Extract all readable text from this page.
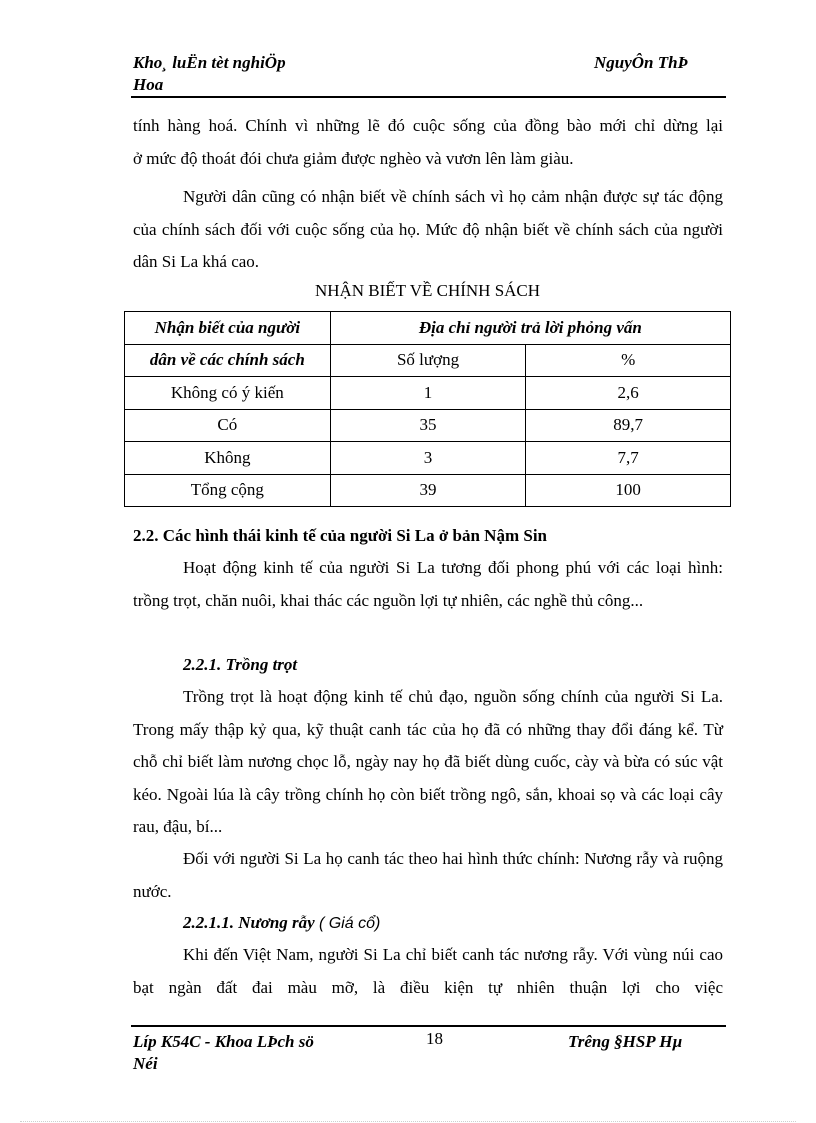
Kho¸ luËn tèt nghiÖp
Hoa
NguyÔn ThÞ
tính hàng hoá. Chính vì những lẽ đó cuộc sống của đồng bào mới chỉ dừng lại
ở mức độ thoát đói chưa giảm được nghèo và vươn lên làm giàu.
Người dân cũng có nhận biết về chính sách vì họ cảm nhận được sự tác động của chính sách đối với cuộc sống của họ. Mức độ nhận biết về chính sách của người dân Si La khá cao.
NHẬN BIẾT VỀ CHÍNH SÁCH
Nhận biết của người	Địa chỉ người trả lời phỏng vấn	
dân về các chính sách	Số lượng	%
Không có ý kiến	1	2,6
Có	35	89,7
Không	3	7,7
Tổng cộng	39	100
2.2. Các hình thái kinh tế của người Si La ở bản Nậm Sin
Hoạt động kinh tế của người Si La tương đối phong phú với các loại hình: trồng trọt, chăn nuôi, khai thác các nguồn lợi tự nhiên, các nghề thủ công...
2.2.1. Trồng trọt
Trồng trọt là hoạt động kinh tế chủ đạo, nguồn sống chính của người Si La. Trong mấy thập kỷ qua, kỹ thuật canh tác của họ đã có những thay đổi đáng kể. Từ chỗ chỉ biết làm nương chọc lỗ, ngày nay họ đã biết dùng cuốc, cày và bừa có súc vật kéo. Ngoài lúa là cây trồng chính họ còn biết trồng ngô, sắn, khoai sọ và các loại cây rau, đậu, bí...
Đối với người Si La họ canh tác theo hai hình thức chính: Nương rẫy và ruộng nước.
2.2.1.1. Nương rẫy ( Giá cổ)
Khi đến Việt Nam, người Si La chỉ biết canh tác nương rẫy. Với vùng núi cao bạt ngàn đất đai màu mỡ, là điều kiện tự nhiên thuận lợi cho việc
Líp K54C - Khoa LÞch sö
Néi
18	Trêng §HSP Hµ
